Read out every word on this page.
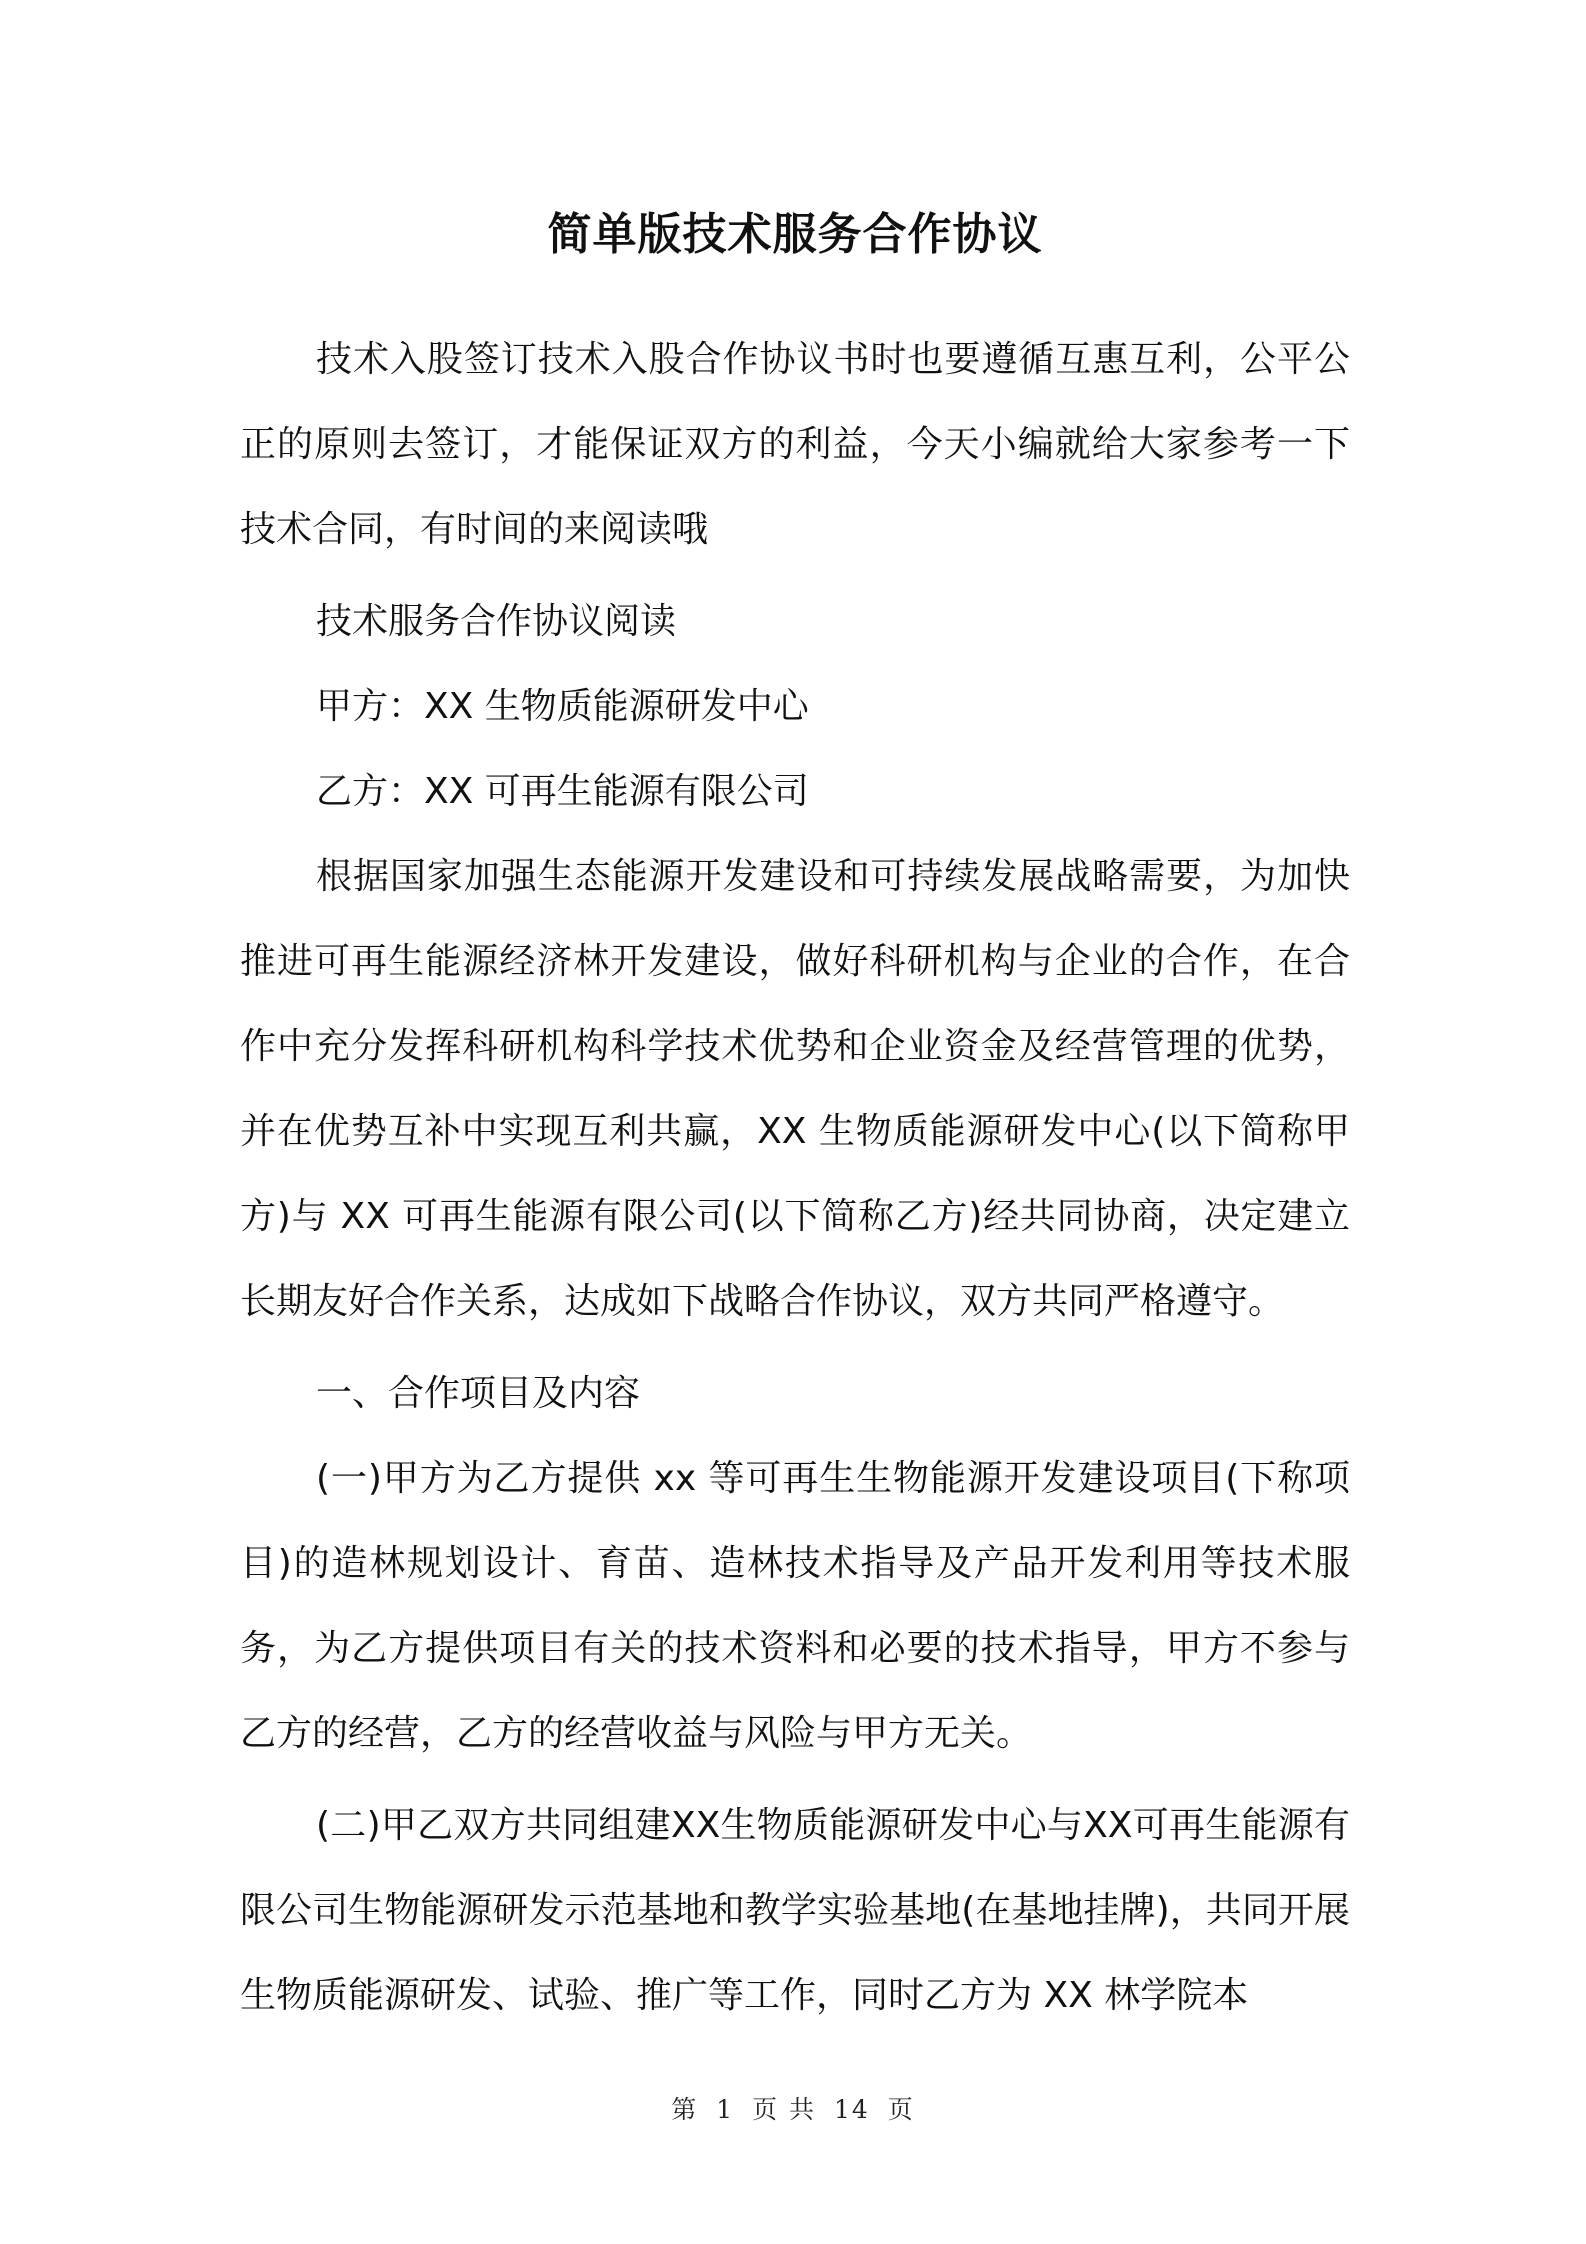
简单版技术服务合作协议

技术入股签订技术入股合作协议书时也要遵循互惠互利，公平公正的原则去签订，才能保证双方的利益，今天小编就给大家参考一下技术合同，有时间的来阅读哦

技术服务合作协议阅读

甲方：XX 生物质能源研发中心

乙方：XX 可再生能源有限公司

根据国家加强生态能源开发建设和可持续发展战略需要，为加快推进可再生能源经济林开发建设，做好科研机构与企业的合作，在合作中充分发挥科研机构科学技术优势和企业资金及经营管理的优势，并在优势互补中实现互利共赢，XX 生物质能源研发中心(以下简称甲方)与 XX 可再生能源有限公司(以下简称乙方)经共同协商，决定建立长期友好合作关系，达成如下战略合作协议，双方共同严格遵守。

一、合作项目及内容

(一)甲方为乙方提供 xx 等可再生生物能源开发建设项目(下称项目)的造林规划设计、育苗、造林技术指导及产品开发利用等技术服务，为乙方提供项目有关的技术资料和必要的技术指导，甲方不参与乙方的经营，乙方的经营收益与风险与甲方无关。

(二)甲乙双方共同组建XX生物质能源研发中心与XX可再生能源有限公司生物能源研发示范基地和教学实验基地(在基地挂牌)，共同开展生物质能源研发、试验、推广等工作，同时乙方为 XX 林学院本

第 1 页 共 14 页
